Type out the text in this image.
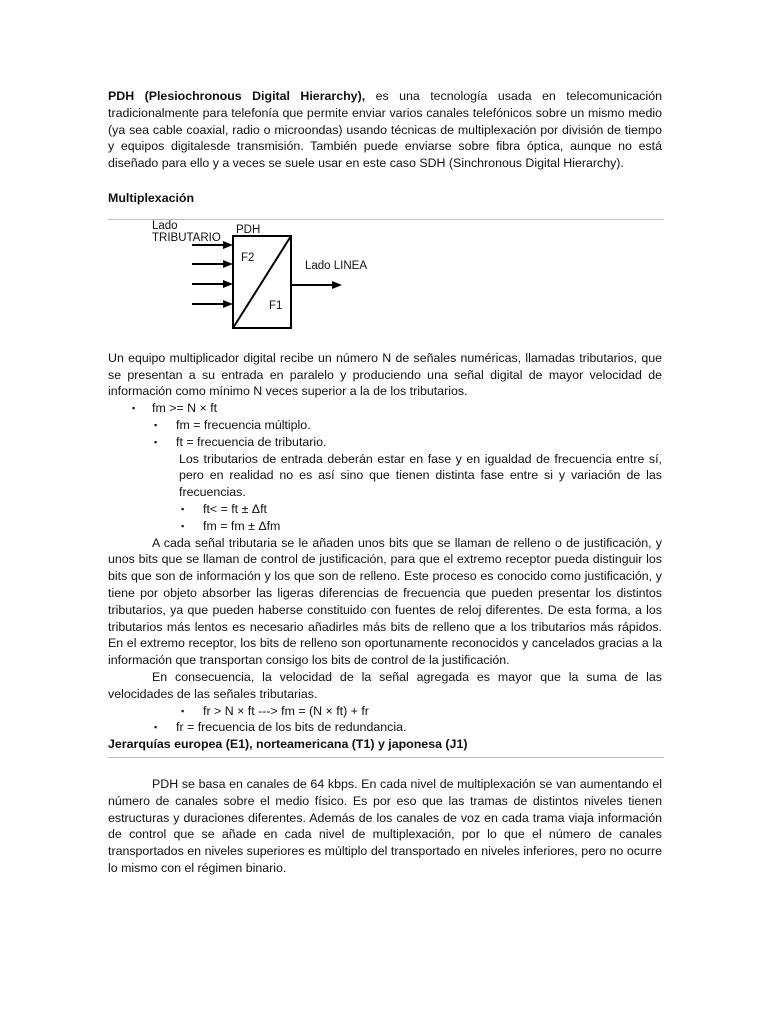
PDH (Plesiochronous Digital Hierarchy), es una tecnología usada en telecomunicación tradicionalmente para telefonía que permite enviar varios canales telefónicos sobre un mismo medio (ya sea cable coaxial, radio o microondas) usando técnicas de multiplexación por división de tiempo y equipos digitalesde transmisión. También puede enviarse sobre fibra óptica, aunque no está diseñado para ello y a veces se suele usar en este caso SDH (Sinchronous Digital Hierarchy).

Multiplexación

Lado
TRIBUTARIO
PDH
F2
F1
Lado LINEA

Un equipo multiplicador digital recibe un número N de señales numéricas, llamadas tributarios, que se presentan a su entrada en paralelo y produciendo una señal digital de mayor velocidad de información como mínimo N veces superior a la de los tributarios.

▪ fm >= N × ft

▪ fm = frecuencia múltiplo.

▪ ft = frecuencia de tributario.

Los tributarios de entrada deberán estar en fase y en igualdad de frecuencia entre sí, pero en realidad no es así sino que tienen distinta fase entre si y variación de las frecuencias.

▪ ft< = ft ± Δft

▪ fm = fm ± Δfm

A cada señal tributaria se le añaden unos bits que se llaman de relleno o de justificación, y unos bits que se llaman de control de justificación, para que el extremo receptor pueda distinguir los bits que son de información y los que son de relleno. Este proceso es conocido como justificación, y tiene por objeto absorber las ligeras diferencias de frecuencia que pueden presentar los distintos tributarios, ya que pueden haberse constituido con fuentes de reloj diferentes. De esta forma, a los tributarios más lentos es necesario añadirles más bits de relleno que a los tributarios más rápidos. En el extremo receptor, los bits de relleno son oportunamente reconocidos y cancelados gracias a la información que transportan consigo los bits de control de la justificación.

En consecuencia, la velocidad de la señal agregada es mayor que la suma de las velocidades de las señales tributarias.

▪ fr > N × ft ---> fm = (N × ft) + fr

▪ fr = frecuencia de los bits de redundancia.

Jerarquías europea (E1), norteamericana (T1) y japonesa (J1)

PDH se basa en canales de 64 kbps. En cada nivel de multiplexación se van aumentando el número de canales sobre el medio físico. Es por eso que las tramas de distintos niveles tienen estructuras y duraciones diferentes. Además de los canales de voz en cada trama viaja información de control que se añade en cada nivel de multiplexación, por lo que el número de canales transportados en niveles superiores es múltiplo del transportado en niveles inferiores, pero no ocurre lo mismo con el régimen binario.
